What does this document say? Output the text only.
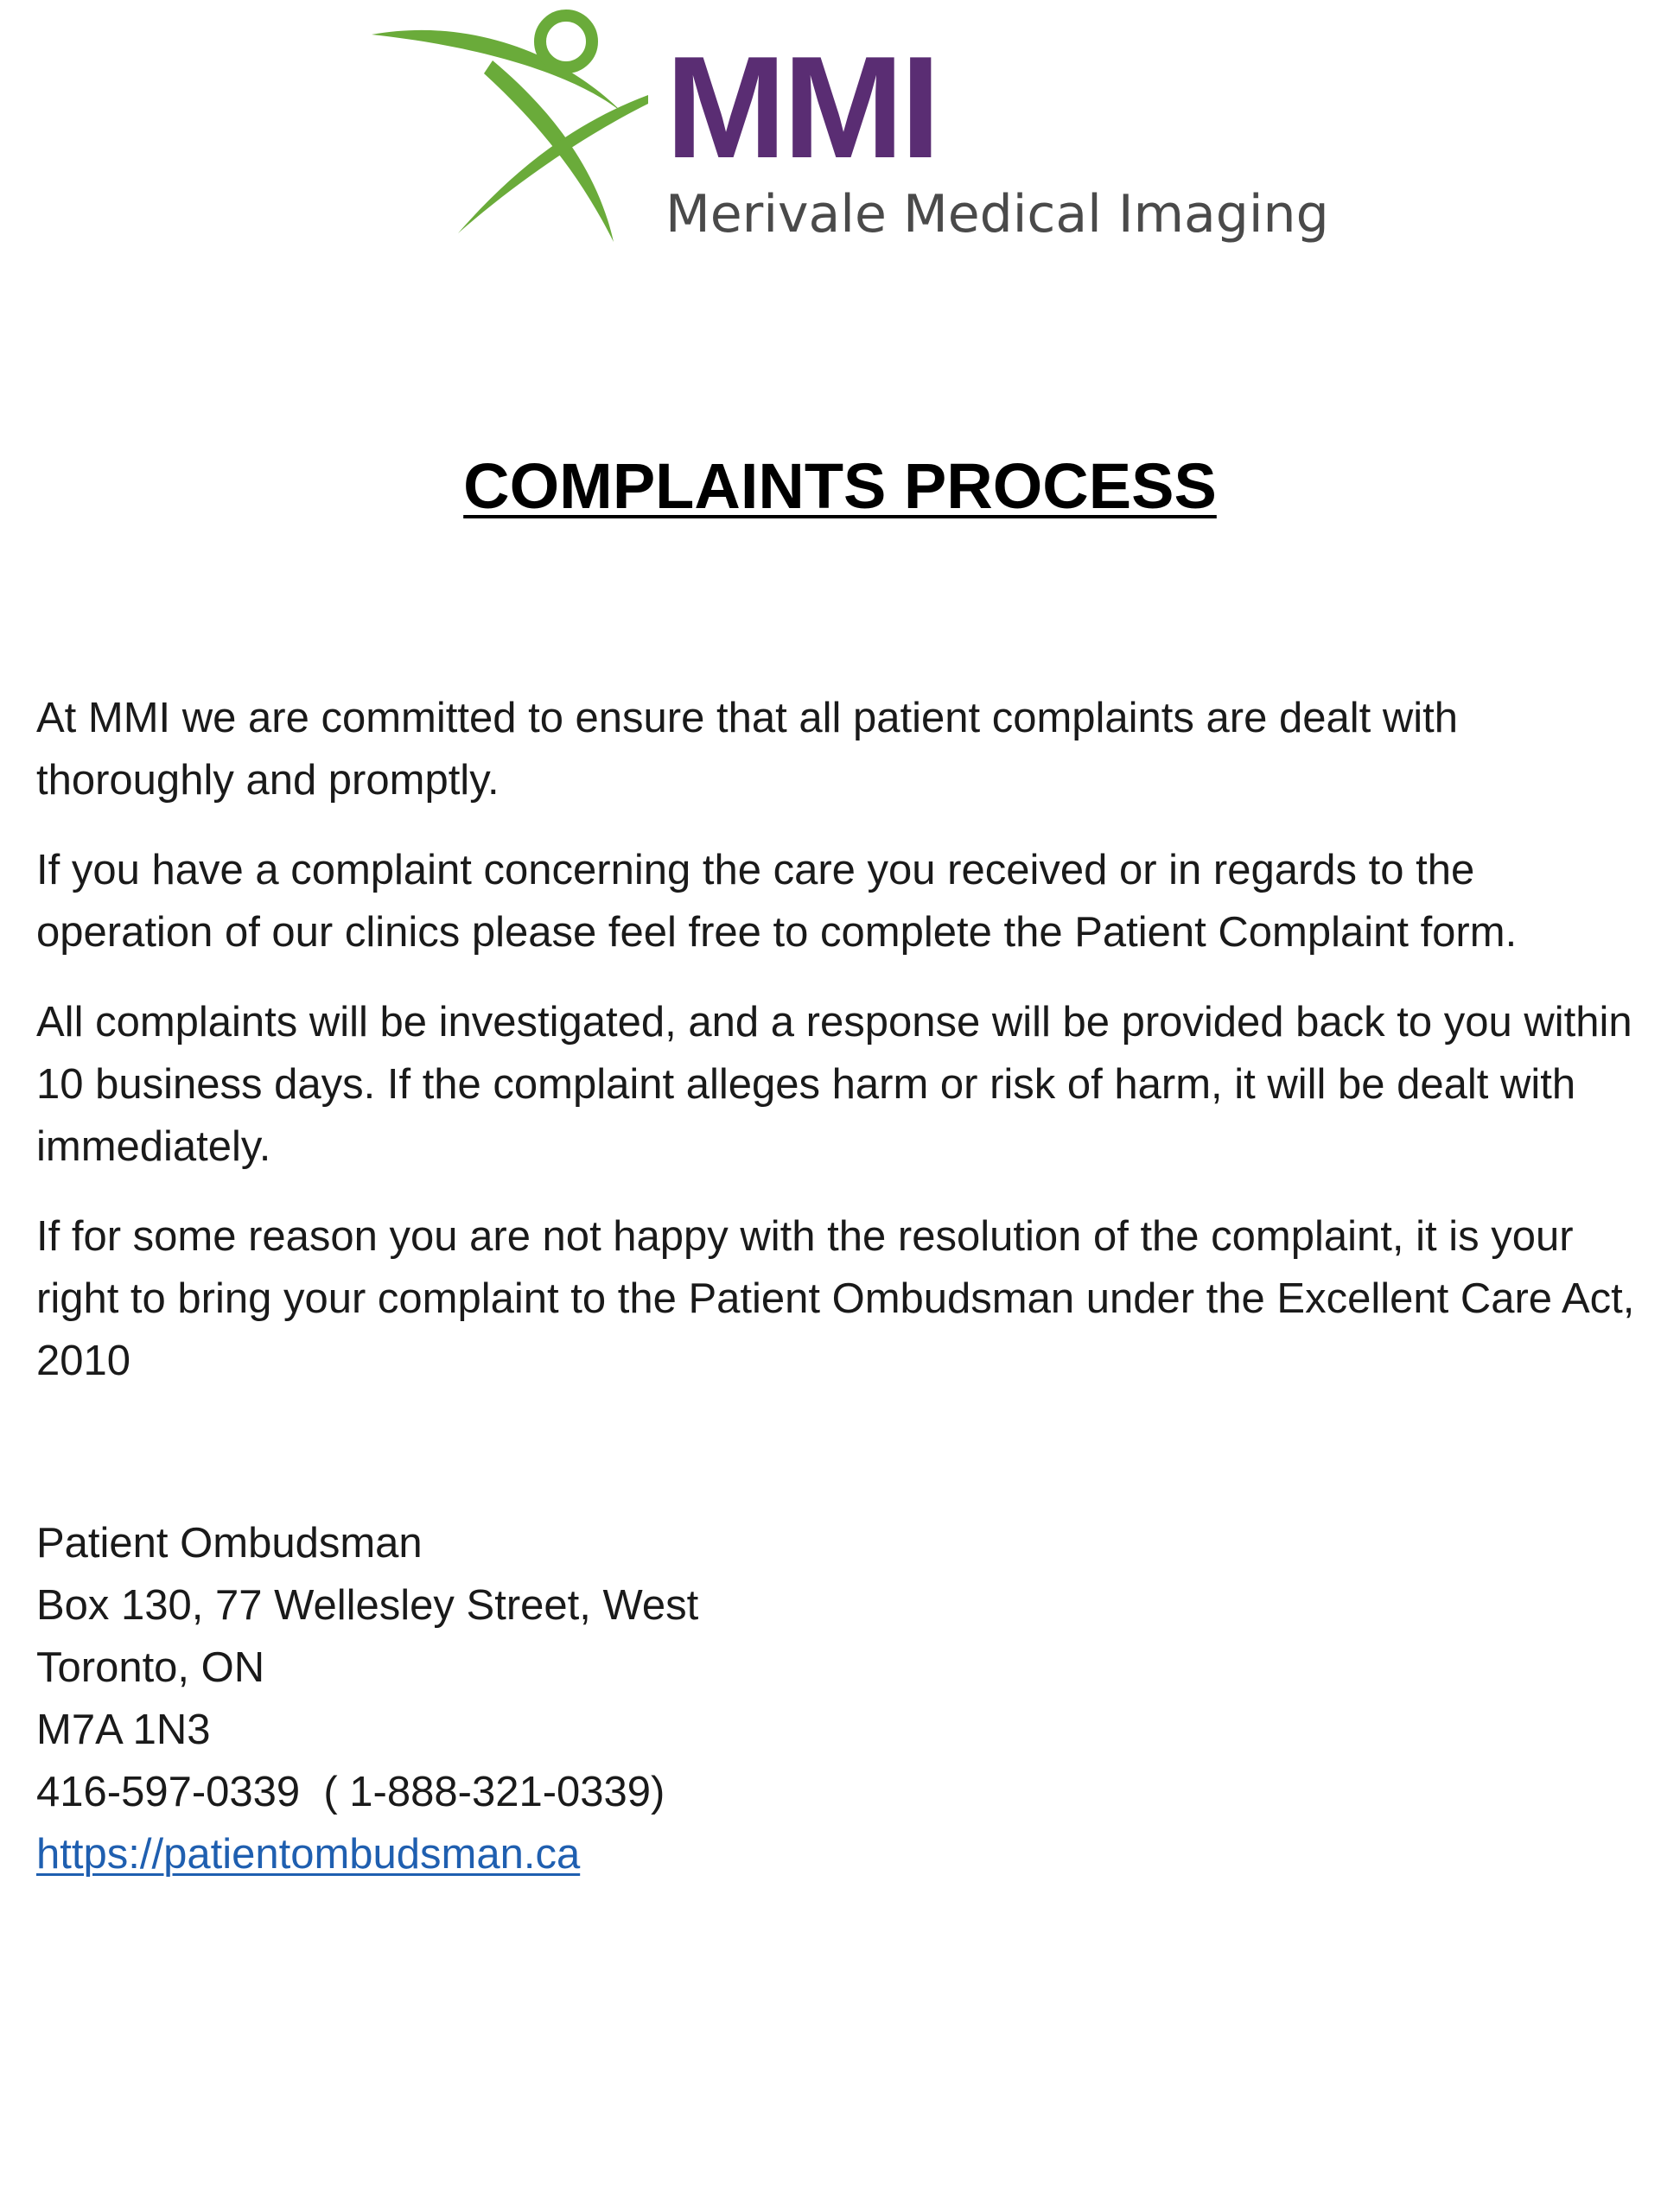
MMI
Merivale Medical Imaging
COMPLAINTS PROCESS

At MMI we are committed to ensure that all patient complaints are dealt with thoroughly and promptly.

If you have a complaint concerning the care you received or in regards to the operation of our clinics please feel free to complete the Patient Complaint form.

All complaints will be investigated, and a response will be provided back to you within 10 business days. If the complaint alleges harm or risk of harm, it will be dealt with immediately.

If for some reason you are not happy with the resolution of the complaint, it is your right to bring your complaint to the Patient Ombudsman under the Excellent Care Act, 2010

Patient Ombudsman
Box 130, 77 Wellesley Street, West
Toronto, ON
M7A 1N3
416-597-0339  ( 1-888-321-0339)
https://patientombudsman.ca
